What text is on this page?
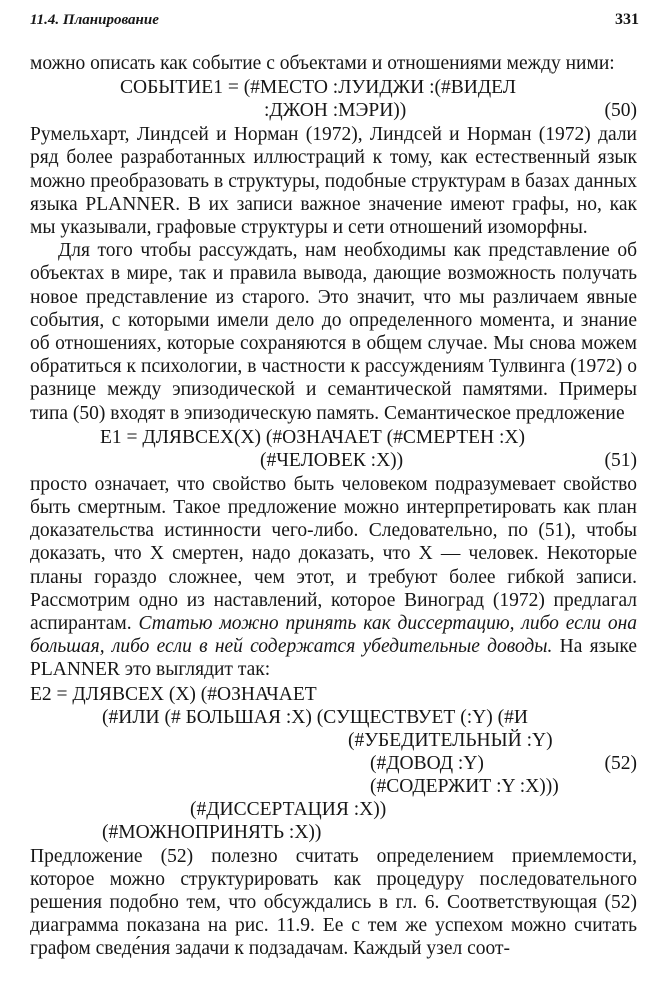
11.4. Планирование	331

можно описать как событие с объектами и отношениями между ними:

СОБЫТИЕ1 = (#МЕСТО :ЛУИДЖИ :(#ВИДЕЛ
:ДЖОН :МЭРИ))	(50)

Румельхарт, Линдсей и Норман (1972), Линдсей и Норман (1972) дали ряд более разработанных иллюстраций к тому, как естественный язык можно преобразовать в структуры, подобные структурам в базах данных языка PLANNER. В их записи важное значение имеют графы, но, как мы указывали, графовые структуры и сети отношений изоморфны.

Для того чтобы рассуждать, нам необходимы как представление об объектах в мире, так и правила вывода, дающие возможность получать новое представление из старого. Это значит, что мы различаем явные события, с которыми имели дело до определенного момента, и знание об отношениях, которые сохраняются в общем случае. Мы снова можем обратиться к психологии, в частности к рассуждениям Тулвинга (1972) о разнице между эпизодической и семантической памятями. Примеры типа (50) входят в эпизодическую память. Семантическое предложение

Е1 = ДЛЯВСЕХ(X) (#ОЗНАЧАЕТ (#СМЕРТЕН :X)
(#ЧЕЛОВЕК :X))	(51)

просто означает, что свойство быть человеком подразумевает свойство быть смертным. Такое предложение можно интерпретировать как план доказательства истинности чего-либо. Следовательно, по (51), чтобы доказать, что X смертен, надо доказать, что X — человек. Некоторые планы гораздо сложнее, чем этот, и требуют более гибкой записи. Рассмотрим одно из наставлений, которое Виноград (1972) предлагал аспирантам. Статью можно принять как диссертацию, либо если она большая, либо если в ней содержатся убедительные доводы. На языке PLANNER это выглядит так:

Е2 = ДЛЯВСЕХ (X) (#ОЗНАЧАЕТ
(#ИЛИ (# БОЛЬШАЯ :X) (СУЩЕСТВУЕТ (:Y) (#И
(#УБЕДИТЕЛЬНЫЙ :Y)
(#ДОВОД :Y)	(52)
(#СОДЕРЖИТ :Y :X)))
(#ДИССЕРТАЦИЯ :X))
(#МОЖНОПРИНЯТЬ :X))

Предложение (52) полезно считать определением приемлемости, которое можно структурировать как процедуру последовательного решения подобно тем, что обсуждались в гл. 6. Соответствующая (52) диаграмма показана на рис. 11.9. Ее с тем же успехом можно считать графом сведе́ния задачи к подзадачам. Каждый узел соот-
